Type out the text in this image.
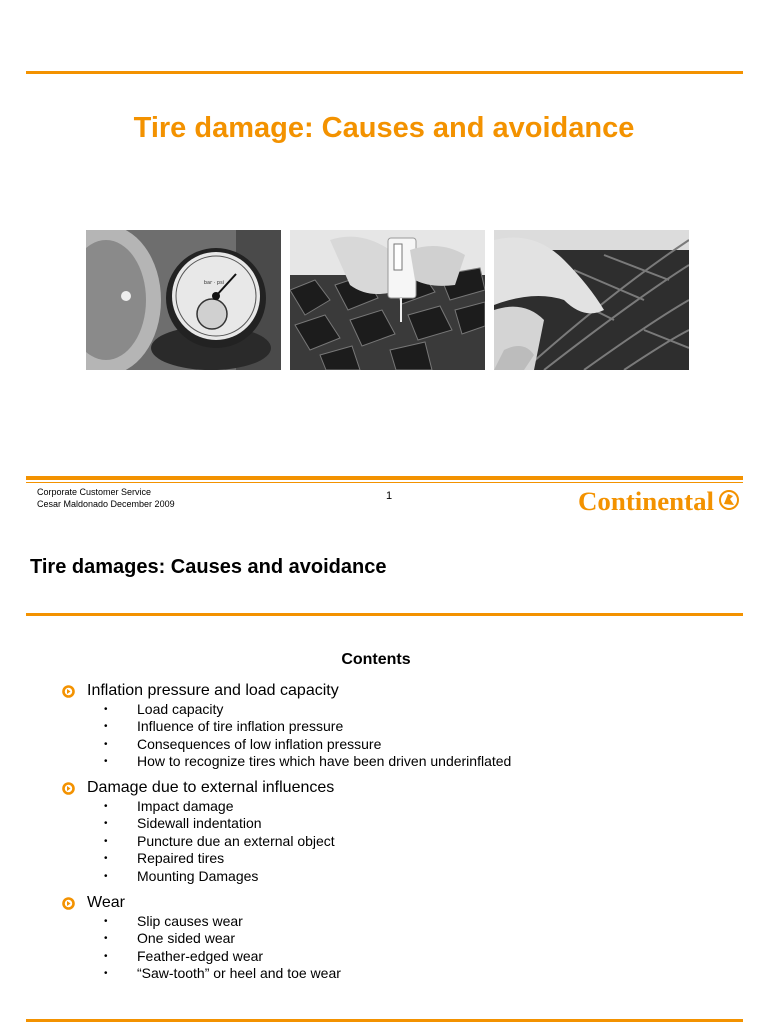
Tire damage: Causes and avoidance
bar · psi
Corporate Customer Service
Cesar Maldonado December 2009
1	Continental
Tire damages: Causes and avoidance
Contents
Inflation pressure and load capacity
• Load capacity
• Influence of tire inflation pressure
• Consequences of low inflation pressure
• How to recognize tires which have been driven underinflated
Damage due to external influences
• Impact damage
• Sidewall indentation
• Puncture due an external object
• Repaired tires
• Mounting Damages
Wear
• Slip causes wear
• One sided wear
• Feather-edged wear
• “Saw-tooth” or heel and toe wear
